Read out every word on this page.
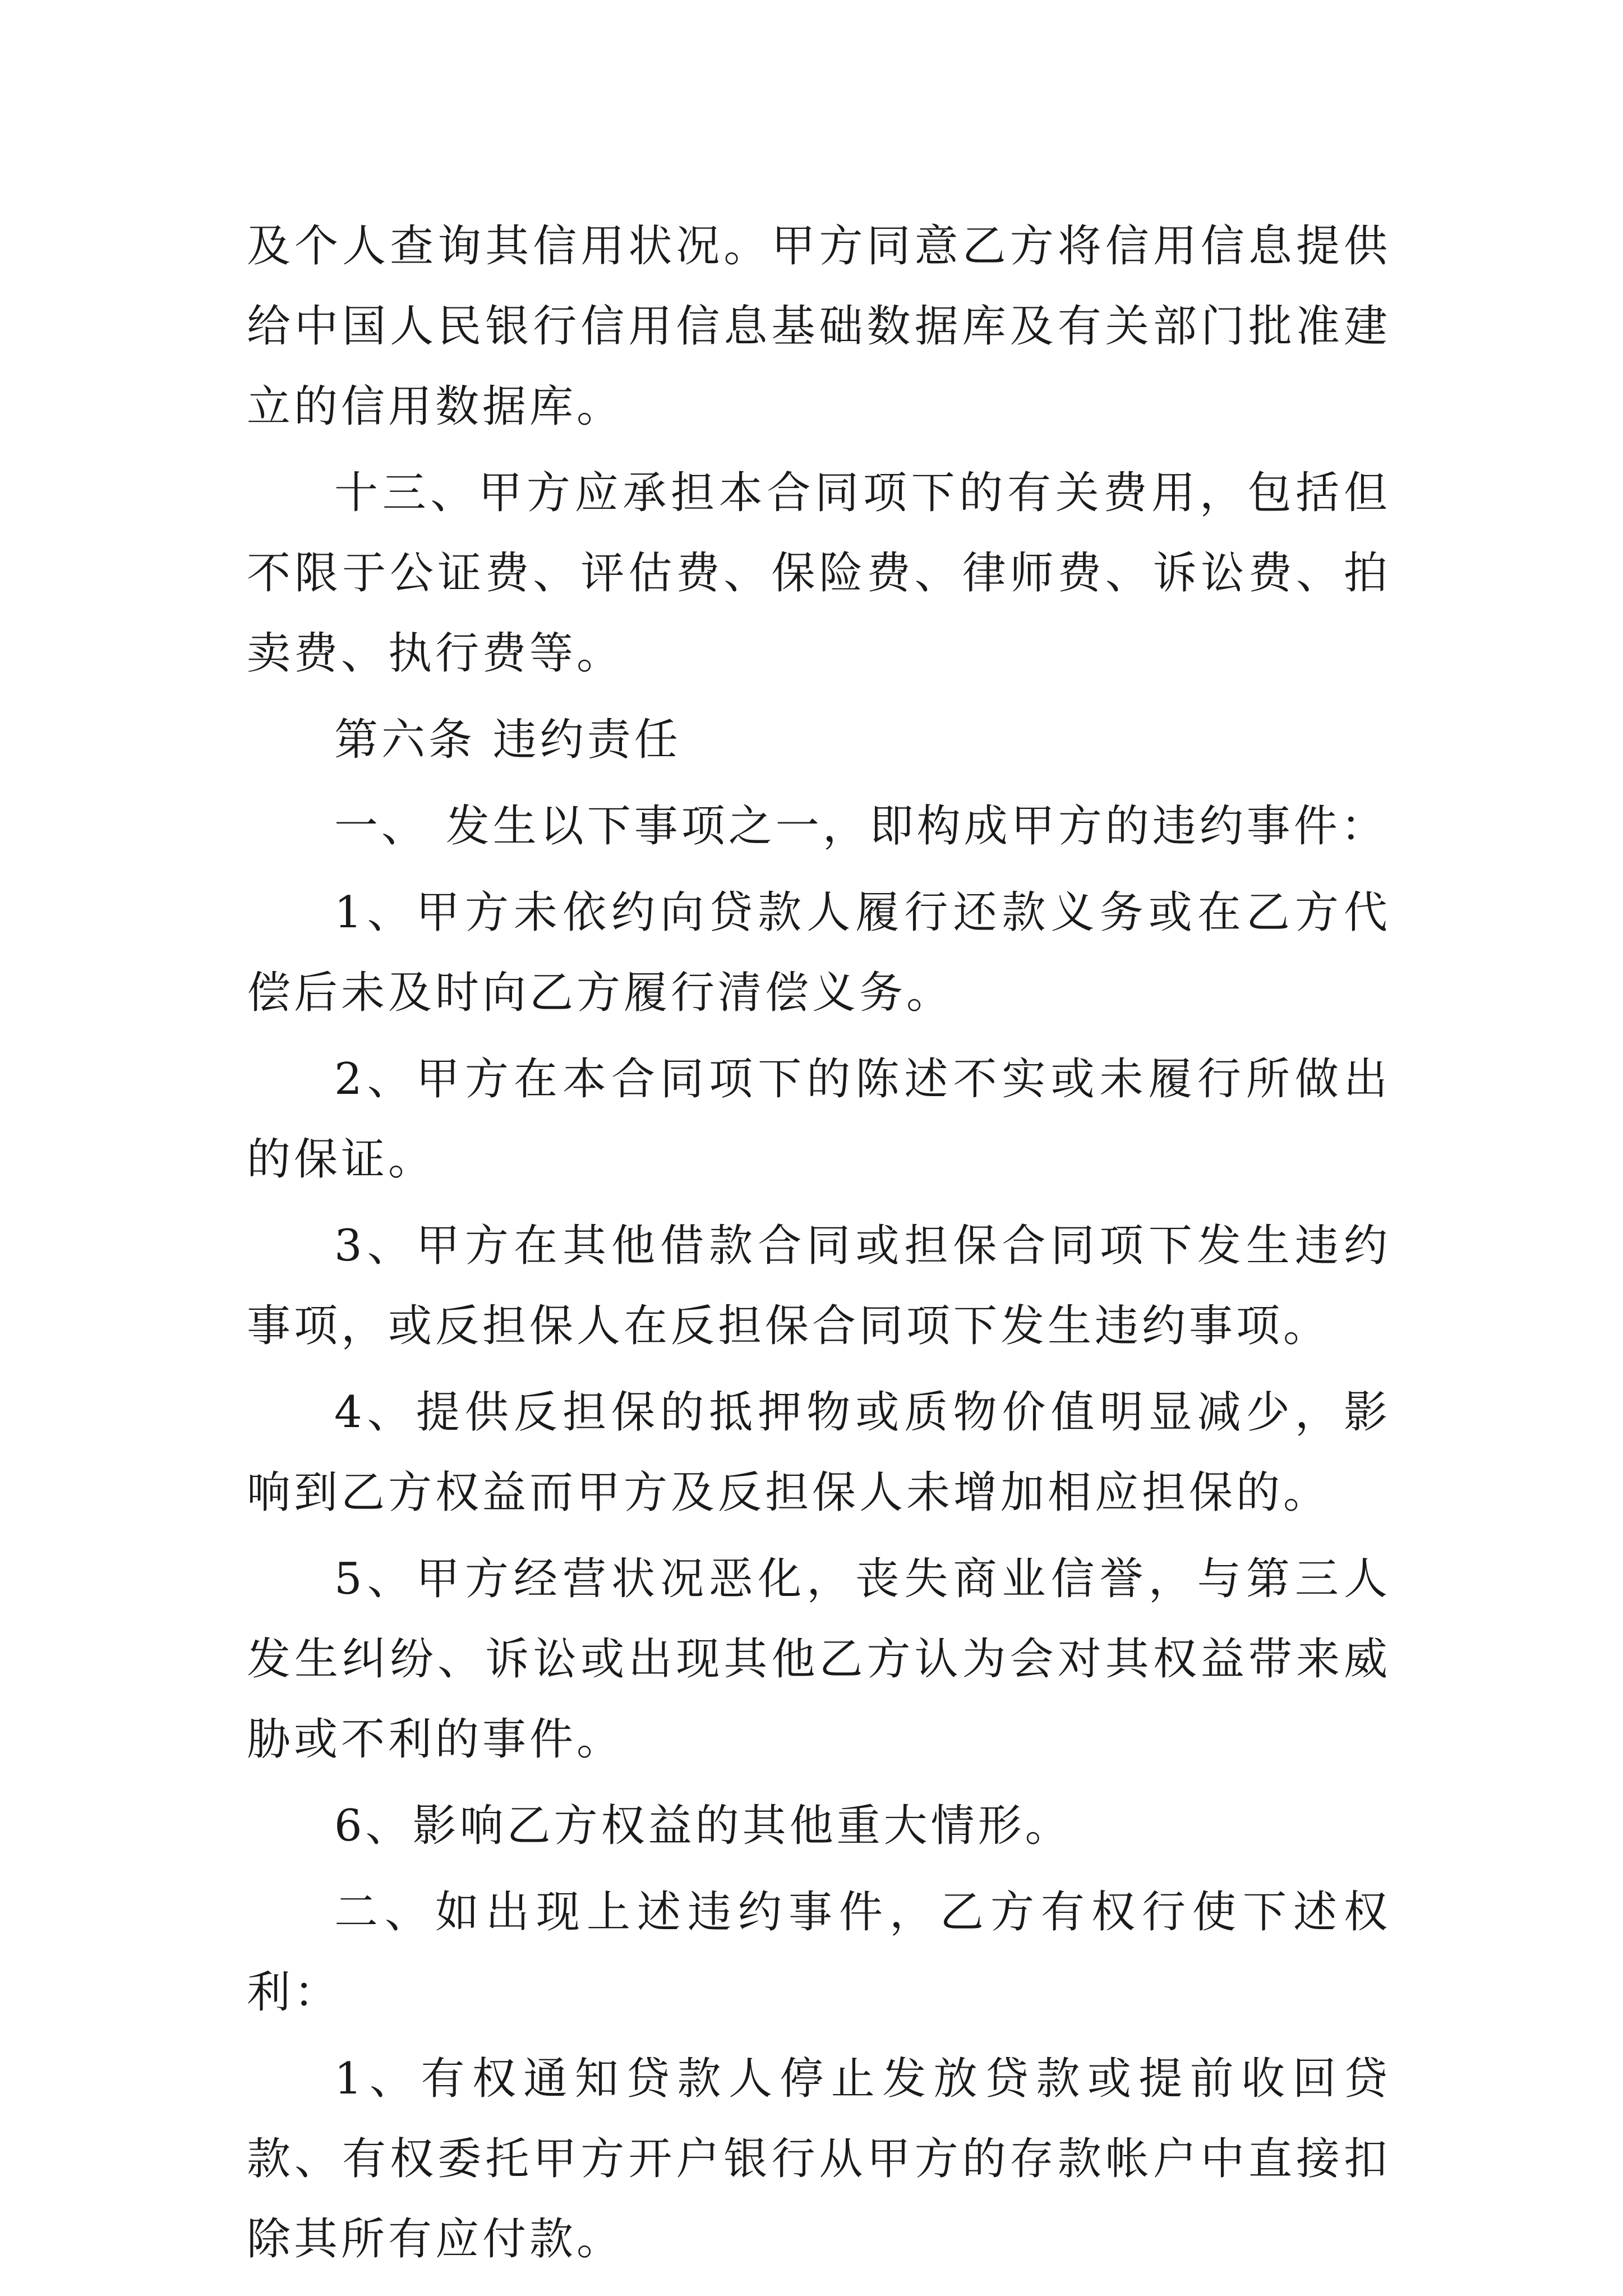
及个人查询其信用状况。甲方同意乙方将信用信息提供给中国人民银行信用信息基础数据库及有关部门批准建立的信用数据库。

十三、甲方应承担本合同项下的有关费用，包括但不限于公证费、评估费、保险费、律师费、诉讼费、拍卖费、执行费等。

第六条 违约责任

一、 发生以下事项之一，即构成甲方的违约事件：

1、甲方未依约向贷款人履行还款义务或在乙方代偿后未及时向乙方履行清偿义务。

2、甲方在本合同项下的陈述不实或未履行所做出的保证。

3、甲方在其他借款合同或担保合同项下发生违约事项，或反担保人在反担保合同项下发生违约事项。

4、提供反担保的抵押物或质物价值明显减少，影响到乙方权益而甲方及反担保人未增加相应担保的。

5、甲方经营状况恶化，丧失商业信誉，与第三人发生纠纷、诉讼或出现其他乙方认为会对其权益带来威胁或不利的事件。

6、影响乙方权益的其他重大情形。

二、如出现上述违约事件，乙方有权行使下述权利：

1、有权通知贷款人停止发放贷款或提前收回贷款、有权委托甲方开户银行从甲方的存款帐户中直接扣除其所有应付款。
